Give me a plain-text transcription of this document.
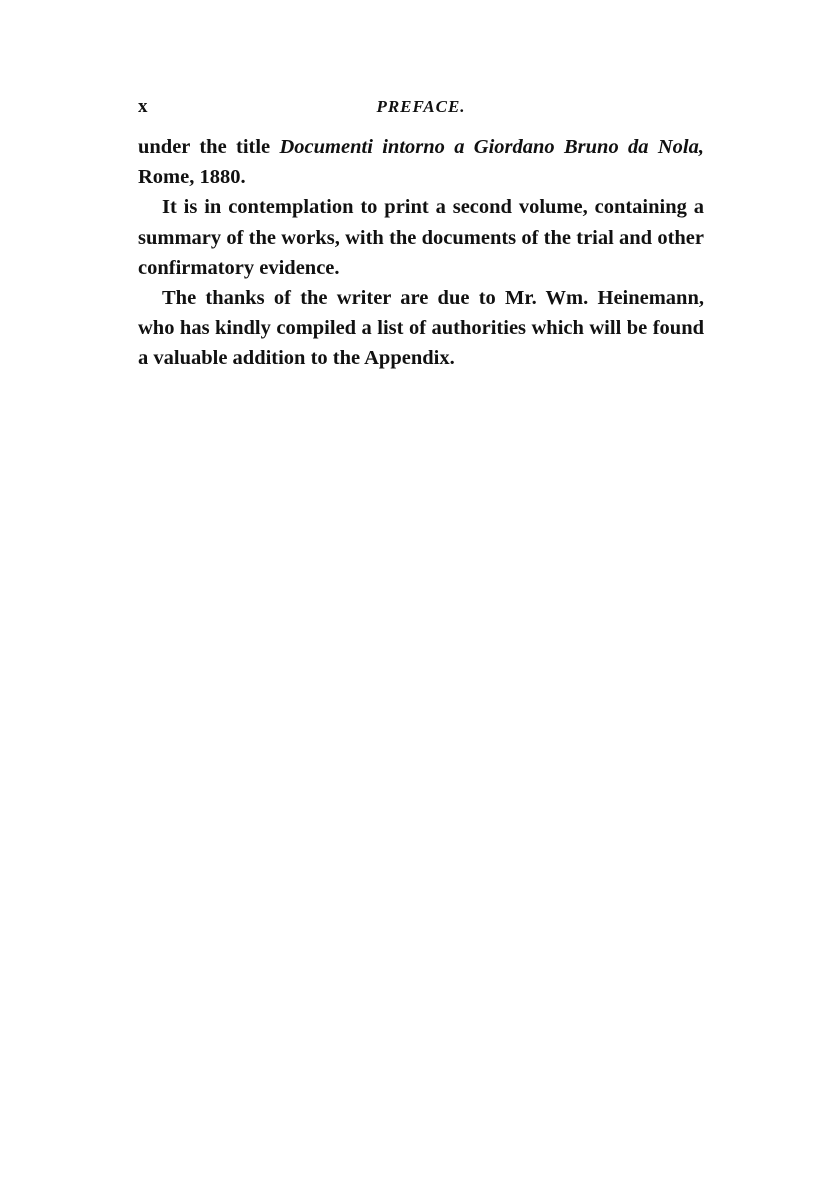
x	PREFACE.

under the title Documenti intorno a Giordano Bruno da Nola, Rome, 1880.

It is in contemplation to print a second volume, containing a summary of the works, with the documents of the trial and other confirmatory evidence.

The thanks of the writer are due to Mr. Wm. Heinemann, who has kindly compiled a list of authorities which will be found a valuable addition to the Appendix.
